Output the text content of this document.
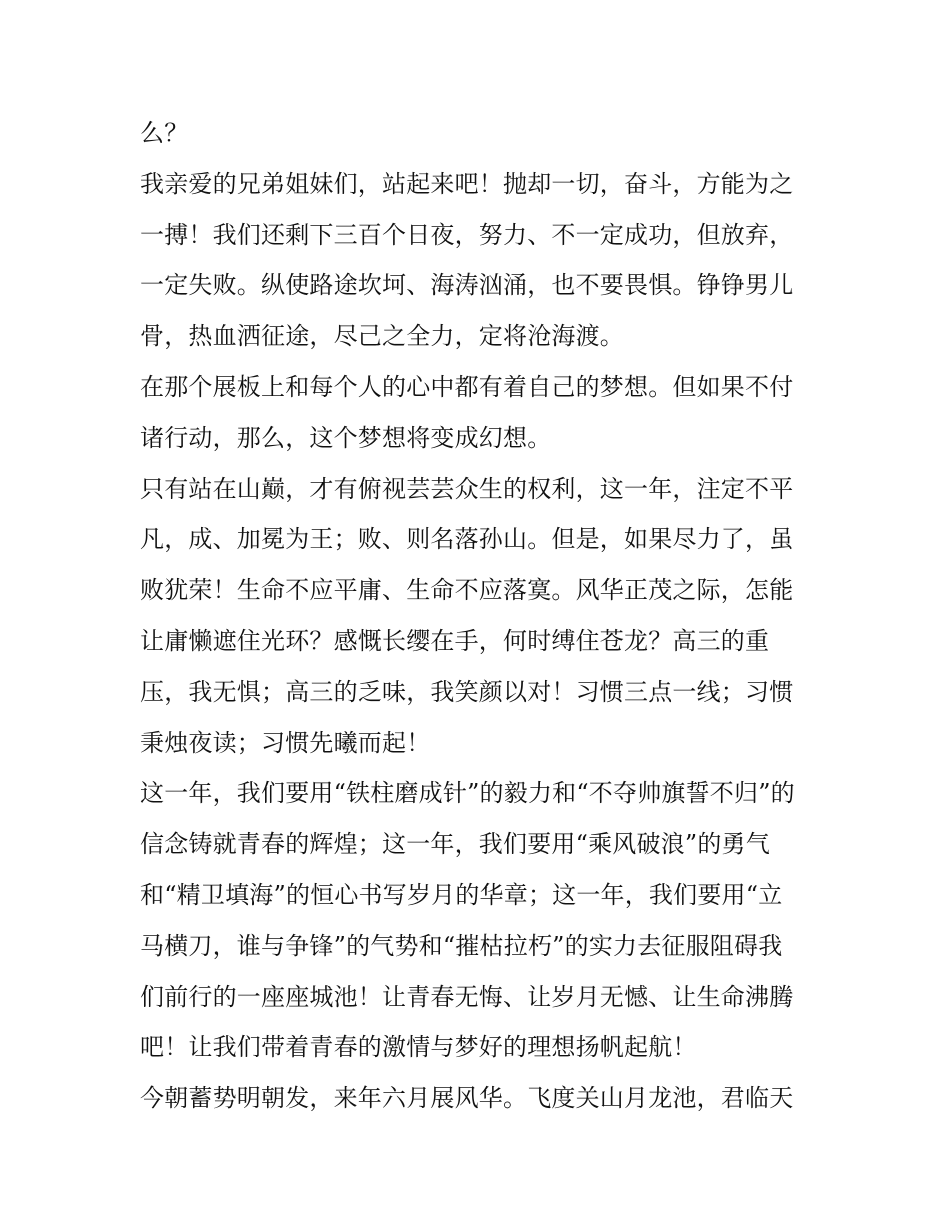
么？
我亲爱的兄弟姐妹们，站起来吧！抛却一切，奋斗，方能为之
一搏！我们还剩下三百个日夜，努力、不一定成功，但放弃，
一定失败。纵使路途坎坷、海涛汹涌，也不要畏惧。铮铮男儿
骨，热血洒征途，尽己之全力，定将沧海渡。
在那个展板上和每个人的心中都有着自己的梦想。但如果不付
诸行动，那么，这个梦想将变成幻想。
只有站在山巅，才有俯视芸芸众生的权利，这一年，注定不平
凡，成、加冕为王；败、则名落孙山。但是，如果尽力了，虽
败犹荣！生命不应平庸、生命不应落寞。风华正茂之际，怎能
让庸懒遮住光环？感慨长缨在手，何时缚住苍龙？高三的重
压，我无惧；高三的乏味，我笑颜以对！习惯三点一线；习惯
秉烛夜读；习惯先曦而起！
这一年，我们要用“铁柱磨成针”的毅力和“不夺帅旗誓不归”的
信念铸就青春的辉煌；这一年，我们要用“乘风破浪”的勇气
和“精卫填海”的恒心书写岁月的华章；这一年，我们要用“立
马横刀，谁与争锋”的气势和“摧枯拉朽”的实力去征服阻碍我
们前行的一座座城池！让青春无悔、让岁月无憾、让生命沸腾
吧！让我们带着青春的激情与梦好的理想扬帆起航！
今朝蓄势明朝发，来年六月展风华。飞度关山月龙池，君临天
